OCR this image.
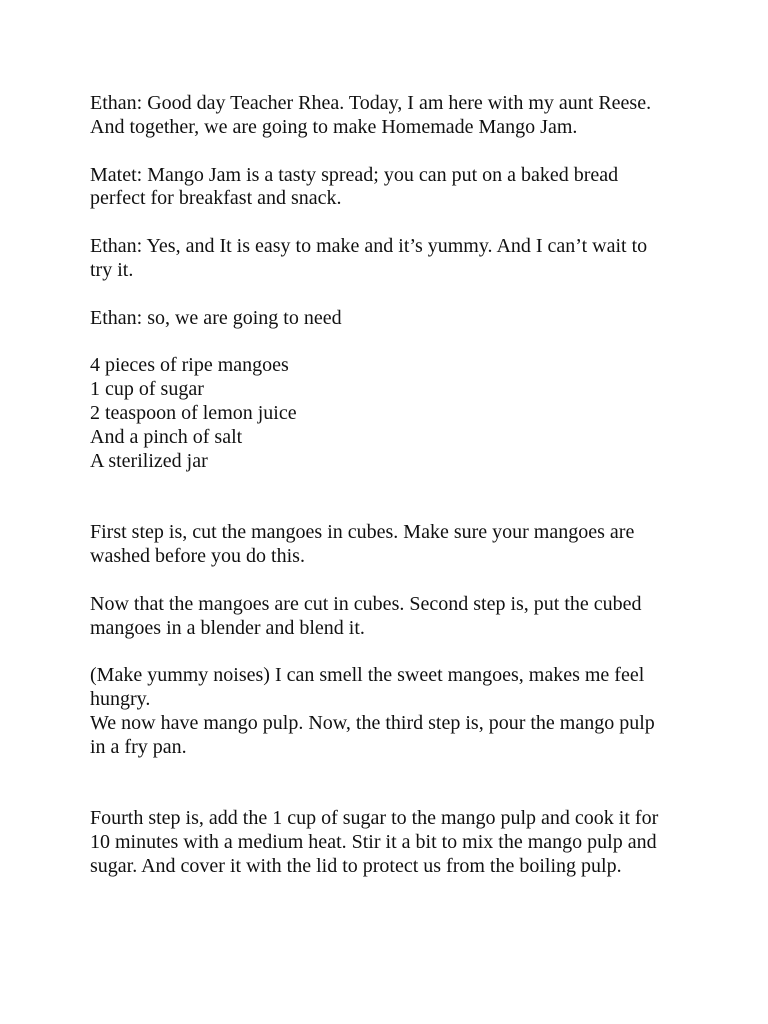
Ethan: Good day Teacher Rhea. Today, I am here with my aunt Reese.
And together, we are going to make Homemade Mango Jam.
Matet: Mango Jam is a tasty spread; you can put on a baked bread
perfect for breakfast and snack.
Ethan: Yes, and It is easy to make and it’s yummy. And I can’t wait to
try it.
Ethan: so, we are going to need
4 pieces of ripe mangoes
1 cup of sugar
2 teaspoon of lemon juice
And a pinch of salt
A sterilized jar
First step is, cut the mangoes in cubes. Make sure your mangoes are
washed before you do this.
Now that the mangoes are cut in cubes. Second step is, put the cubed
mangoes in a blender and blend it.
(Make yummy noises) I can smell the sweet mangoes, makes me feel
hungry.
We now have mango pulp. Now, the third step is, pour the mango pulp
in a fry pan.
Fourth step is, add the 1 cup of sugar to the mango pulp and cook it for
10 minutes with a medium heat. Stir it a bit to mix the mango pulp and
sugar. And cover it with the lid to protect us from the boiling pulp.
